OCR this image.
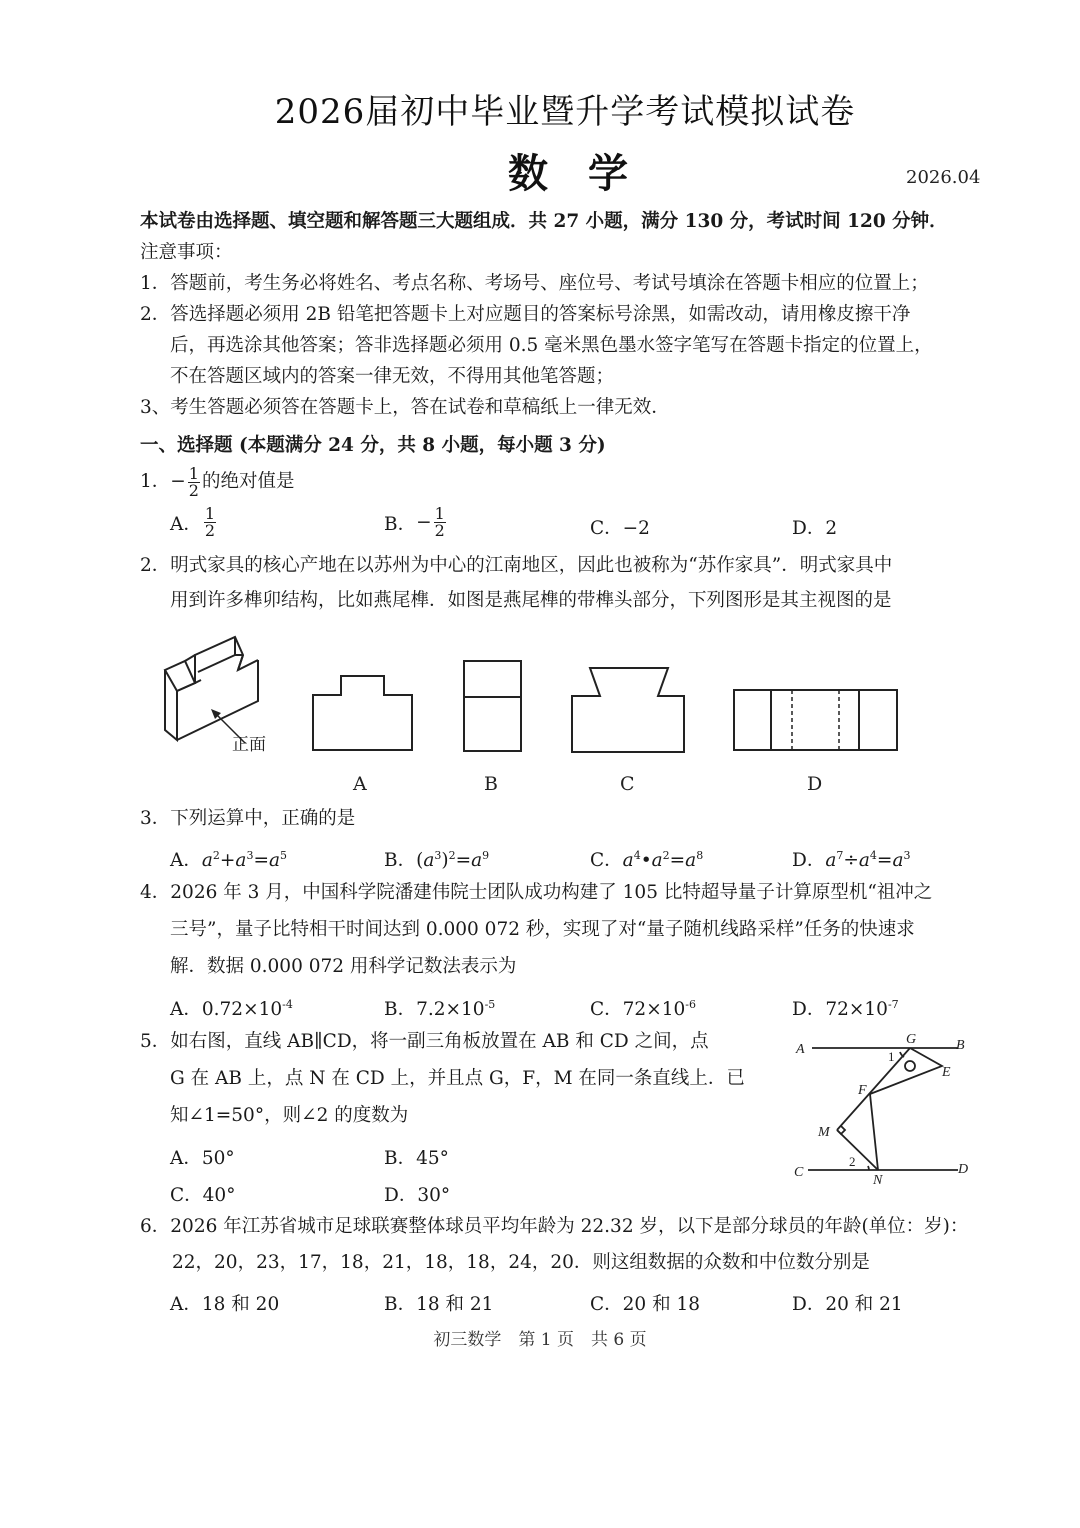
2026届初中毕业暨升学考试模拟试卷
数学	2026.04
本试卷由选择题、填空题和解答题三大题组成．共 27 小题，满分 130 分，考试时间 120 分钟．
注意事项：
1．答题前，考生务必将姓名、考点名称、考场号、座位号、考试号填涂在答题卡相应的位置上；
2．答选择题必须用 2B 铅笔把答题卡上对应题目的答案标号涂黑，如需改动，请用橡皮擦干净
后，再选涂其他答案；答非选择题必须用 0.5 毫米黑色墨水签字笔写在答题卡指定的位置上，
不在答题区域内的答案一律无效，不得用其他笔答题；
3、考生答题必须答在答题卡上，答在试卷和草稿纸上一律无效．
一、选择题 (本题满分 24 分，共 8 小题，每小题 3 分)
1． − $\frac{1}{2}$ 的绝对值是
A． $\frac{1}{2}$	B． − $\frac{1}{2}$	C．−2	D．2
2．明式家具的核心产地在以苏州为中心的江南地区，因此也被称为“苏作家具”．明式家具中
用到许多榫卯结构，比如燕尾榫．如图是燕尾榫的带榫头部分，下列图形是其主视图的是
正面
A	B	C	D
3．下列运算中，正确的是
A．$a^2+a^3=a^5$	B．$(a^3)^2=a^9$	C．$a^4•a^2=a^8$	D．$a^7\div a^4=a^3$
4．2026 年 3 月，中国科学院潘建伟院士团队成功构建了 105 比特超导量子计算原型机“祖冲之
三号”，量子比特相干时间达到 0.000 072 秒，实现了对“量子随机线路采样”任务的快速求
解．数据 0.000 072 用科学记数法表示为
A．$0.72\times 10^{-4}$	B．$7.2\times 10^{-5}$	C．$72\times 10^{-6}$	D．$72\times 10^{-7}$
5．如右图，直线 AB∥CD，将一副三角板放置在 AB 和 CD 之间，点
G 在 AB 上，点 N 在 CD 上，并且点 G，F，M 在同一条直线上．已
知∠1=50°，则∠2 的度数为
A．50°	B．45°
C．40°	D．30°
A	B
G
E
F
M
C	D
N
1
2
6．2026 年江苏省城市足球联赛整体球员平均年龄为 22.32 岁，以下是部分球员的年龄(单位：岁)：
22，20，23，17，18，21，18，18，24，20．则这组数据的众数和中位数分别是
A．18 和 20	B．18 和 21	C．20 和 18	D．20 和 21
初三数学　第 1 页　共 6 页
